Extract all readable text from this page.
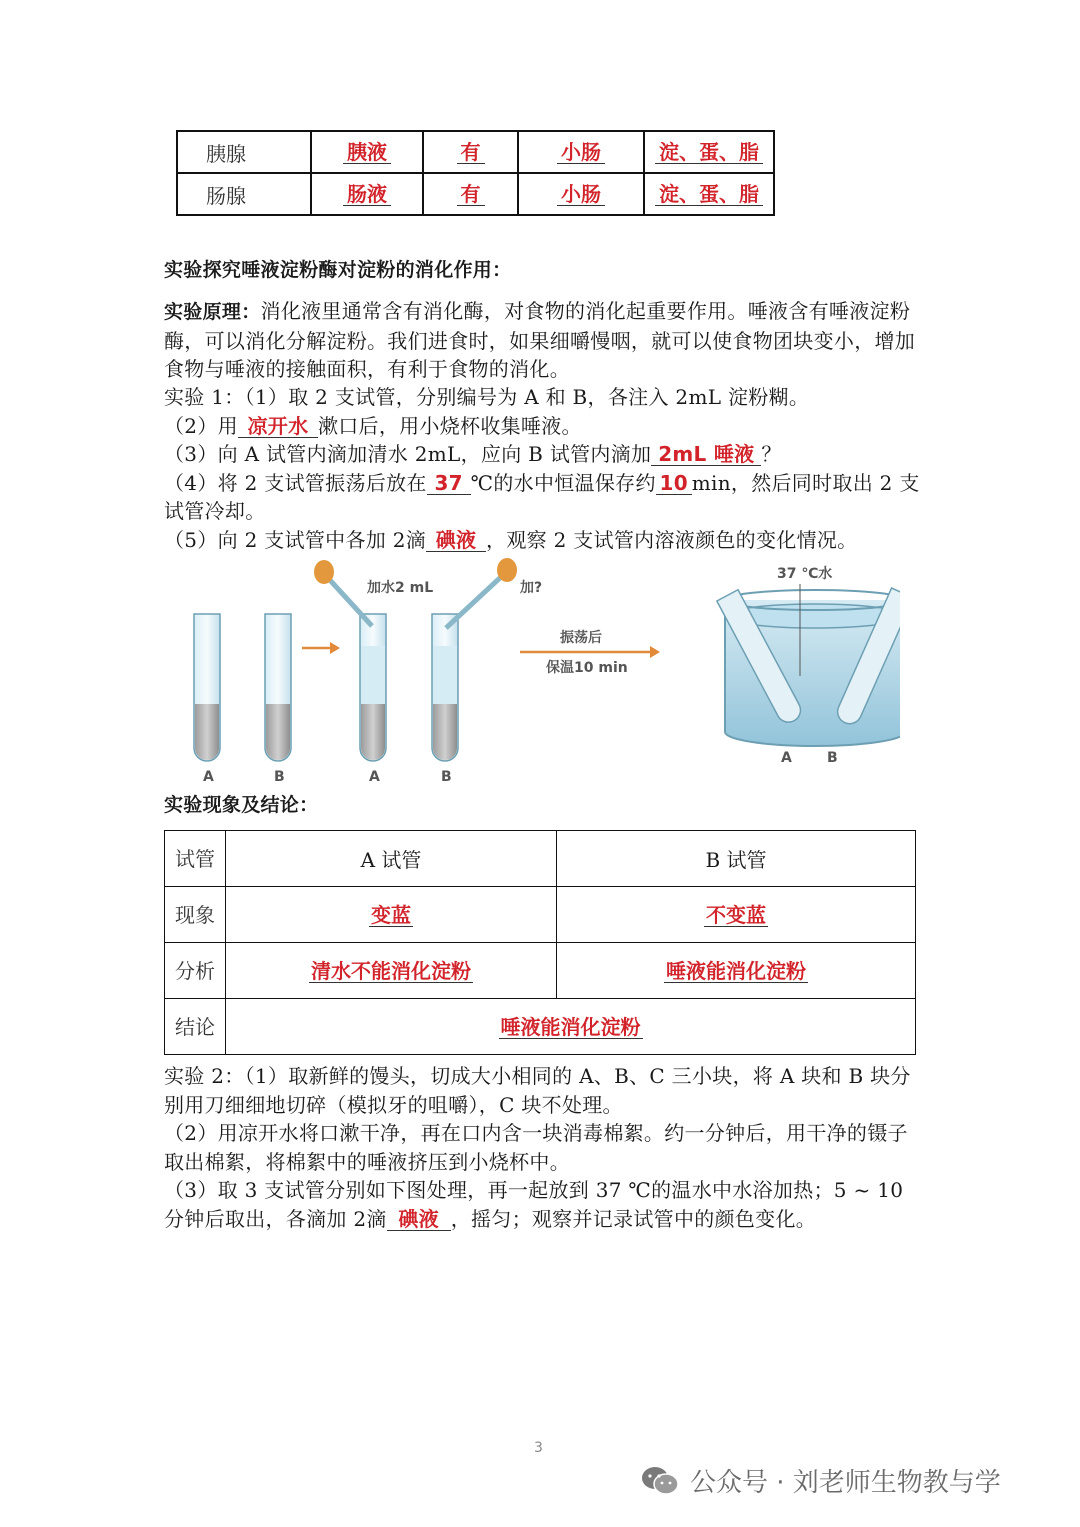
胰腺	胰液	有	小肠	淀、蛋、脂
肠腺	肠液	有	小肠	淀、蛋、脂
实验探究唾液淀粉酶对淀粉的消化作用：
实验原理：消化液里通常含有消化酶，对食物的消化起重要作用。唾液含有唾液淀粉酶，可以消化分解淀粉。我们进食时，如果细嚼慢咽，就可以使食物团块变小，增加食物与唾液的接触面积，有利于食物的消化。
实验 1：（1）取 2 支试管，分别编号为 A 和 B，各注入 2mL 淀粉糊。
（2）用 凉开水 漱口后，用小烧杯收集唾液。
（3）向 A 试管内滴加清水 2mL，应向 B 试管内滴加 2mL 唾液 ？
（4）将 2 支试管振荡后放在 37 ℃的水中恒温保存约 10 min，然后同时取出 2 支试管冷却。
（5）向 2 支试管中各加 2滴 碘液 ，观察 2 支试管内溶液颜色的变化情况。
加水2 mL	加?
振荡后
保温10 min
37 ℃水
A	B	A	B
A	B
实验现象及结论：
试管	A 试管	B 试管
现象	变蓝	不变蓝
分析	清水不能消化淀粉	唾液能消化淀粉
结论	唾液能消化淀粉	
实验 2：（1）取新鲜的馒头，切成大小相同的 A、B、C 三小块，将 A 块和 B 块分别用刀细细地切碎（模拟牙的咀嚼），C 块不处理。
（2）用凉开水将口漱干净，再在口内含一块消毒棉絮。约一分钟后，用干净的镊子取出棉絮，将棉絮中的唾液挤压到小烧杯中。
（3）取 3 支试管分别如下图处理，再一起放到 37 ℃的温水中水浴加热；5 ~ 10 分钟后取出，各滴加 2滴 碘液 ，摇匀；观察并记录试管中的颜色变化。
3
公众号 · 刘老师生物教与学
